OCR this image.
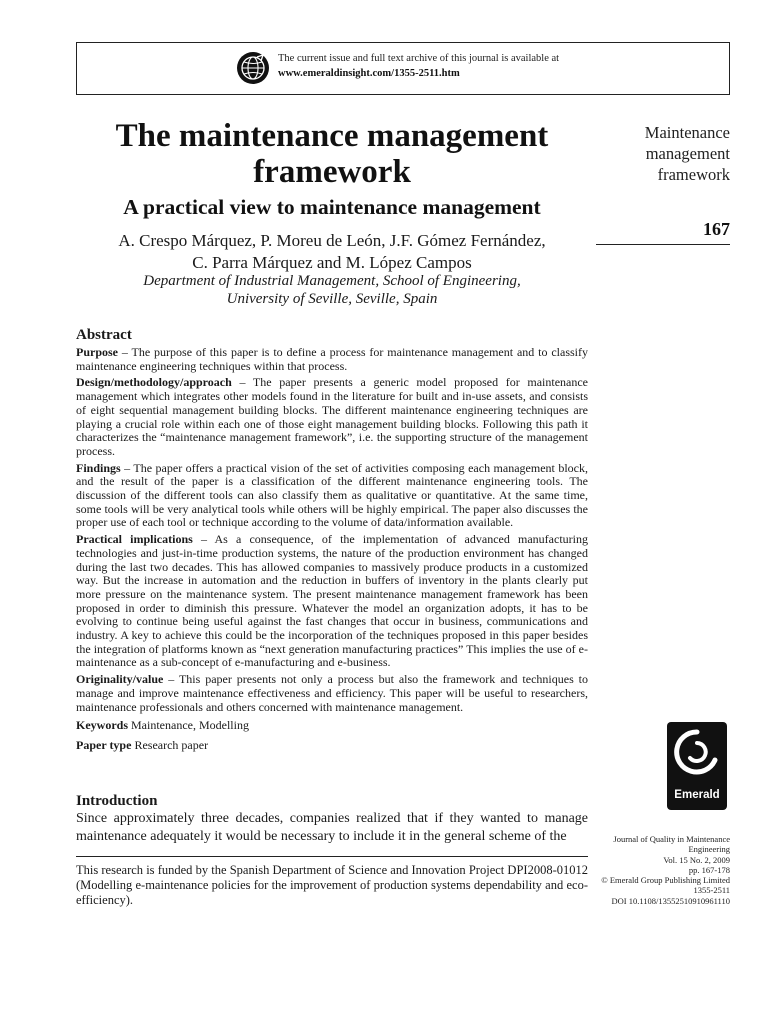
The current issue and full text archive of this journal is available at
www.emeraldinsight.com/1355-2511.htm
The maintenance management framework
A practical view to maintenance management
A. Crespo Márquez, P. Moreu de León, J.F. Gómez Fernández,
C. Parra Márquez and M. López Campos
Department of Industrial Management, School of Engineering,
University of Seville, Seville, Spain
Maintenance management framework
167
Abstract

Purpose – The purpose of this paper is to define a process for maintenance management and to classify maintenance engineering techniques within that process.

Design/methodology/approach – The paper presents a generic model proposed for maintenance management which integrates other models found in the literature for built and in-use assets, and consists of eight sequential management building blocks. The different maintenance engineering techniques are playing a crucial role within each one of those eight management building blocks. Following this path it characterizes the “maintenance management framework”, i.e. the supporting structure of the management process.

Findings – The paper offers a practical vision of the set of activities composing each management block, and the result of the paper is a classification of the different maintenance engineering tools. The discussion of the different tools can also classify them as qualitative or quantitative. At the same time, some tools will be very analytical tools while others will be highly empirical. The paper also discusses the proper use of each tool or technique according to the volume of data/information available.

Practical implications – As a consequence, of the implementation of advanced manufacturing technologies and just-in-time production systems, the nature of the production environment has changed during the last two decades. This has allowed companies to massively produce products in a customized way. But the increase in automation and the reduction in buffers of inventory in the plants clearly put more pressure on the maintenance system. The present maintenance management framework has been proposed in order to diminish this pressure. Whatever the model an organization adopts, it has to be evolving to continue being useful against the fast changes that occur in business, communications and industry. A key to achieve this could be the incorporation of the techniques proposed in this paper besides the integration of platforms known as “next generation manufacturing practices” This implies the use of e-maintenance as a sub-concept of e-manufacturing and e-business.

Originality/value – This paper presents not only a process but also the framework and techniques to manage and improve maintenance effectiveness and efficiency. This paper will be useful to researchers, maintenance professionals and others concerned with maintenance management.

Keywords Maintenance, Modelling

Paper type Research paper

Emerald
Introduction
Since approximately three decades, companies realized that if they wanted to manage maintenance adequately it would be necessary to include it in the general scheme of the
This research is funded by the Spanish Department of Science and Innovation Project DPI2008-01012 (Modelling e-maintenance policies for the improvement of production systems dependability and eco-efficiency).
Journal of Quality in Maintenance
Engineering
Vol. 15 No. 2, 2009
pp. 167-178
© Emerald Group Publishing Limited
1355-2511
DOI 10.1108/13552510910961110
